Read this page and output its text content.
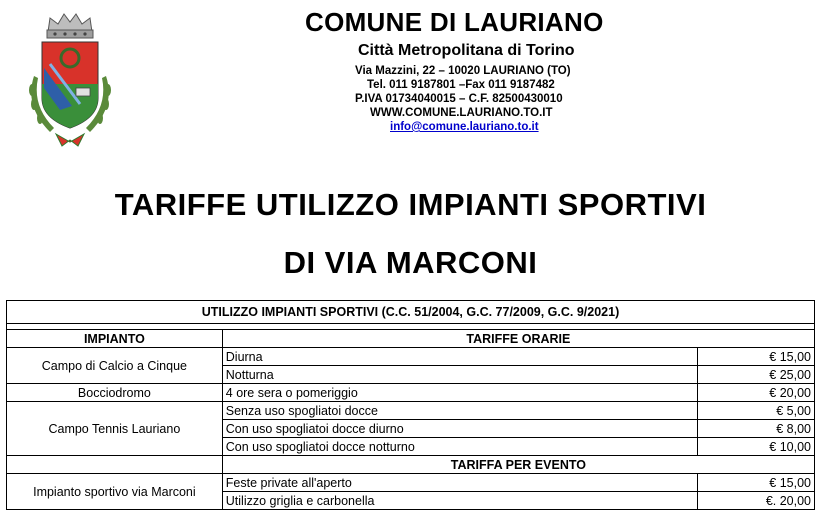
COMUNE DI LAURIANO
Città Metropolitana di Torino
Via Mazzini, 22 – 10020 LAURIANO (TO)
Tel. 011 9187801 –Fax 011 9187482
P.IVA 01734040015 – C.F. 82500430010
WWW.COMUNE.LAURIANO.TO.IT
info@comune.lauriano.to.it
TARIFFE UTILIZZO IMPIANTI SPORTIVI
DI VIA MARCONI
UTILIZZO IMPIANTI SPORTIVI (C.C. 51/2004, G.C. 77/2009, G.C. 9/2021)		

IMPIANTO	TARIFFE ORARIE	
Campo di Calcio a Cinque	Diurna	€ 15,00
	Notturna	€ 25,00
Bocciodromo	4 ore sera o pomeriggio	€ 20,00
Campo Tennis Lauriano	Senza uso spogliatoi docce	€ 5,00
	Con uso spogliatoi docce diurno	€ 8,00
	Con uso spogliatoi docce notturno	€ 10,00
	TARIFFA PER EVENTO	
Impianto sportivo via Marconi	Feste private all'aperto	€ 15,00
	Utilizzo griglia e carbonella	€. 20,00
